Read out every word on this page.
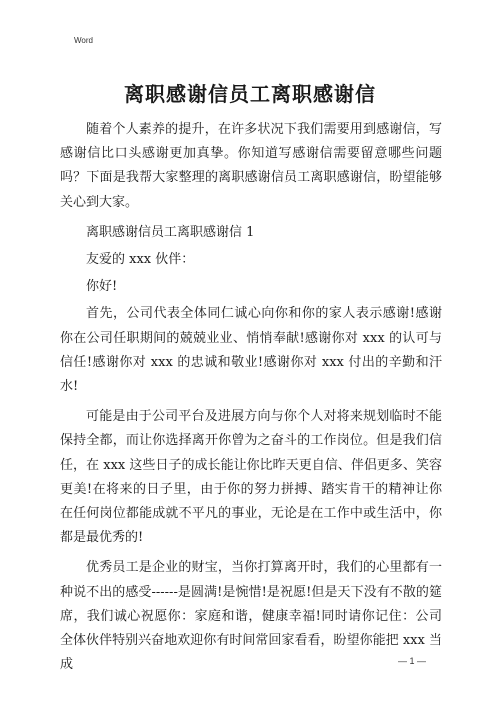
Word
离职感谢信员工离职感谢信

随着个人素养的提升，在许多状况下我们需要用到感谢信，写感谢信比口头感谢更加真挚。你知道写感谢信需要留意哪些问题吗？下面是我帮大家整理的离职感谢信员工离职感谢信，盼望能够关心到大家。

离职感谢信员工离职感谢信 1

友爱的 xxx 伙伴：

你好!

首先，公司代表全体同仁诚心向你和你的家人表示感谢!感谢你在公司任职期间的兢兢业业、悄悄奉献!感谢你对 xxx 的认可与信任!感谢你对 xxx 的忠诚和敬业!感谢你对 xxx 付出的辛勤和汗水!

可能是由于公司平台及进展方向与你个人对将来规划临时不能保持全都，而让你选择离开你曾为之奋斗的工作岗位。但是我们信任，在 xxx 这些日子的成长能让你比昨天更自信、伴侣更多、笑容更美!在将来的日子里，由于你的努力拼搏、踏实肯干的精神让你在任何岗位都能成就不平凡的事业，无论是在工作中或生活中，你都是最优秀的!

优秀员工是企业的财宝，当你打算离开时，我们的心里都有一种说不出的感受------是圆满!是惋惜!是祝愿!但是天下没有不散的筵席，我们诚心祝愿你：家庭和谐，健康幸福!同时请你记住：公司全体伙伴特别兴奋地欢迎你有时间常回家看看，盼望你能把 xxx 当成	— 1 —
